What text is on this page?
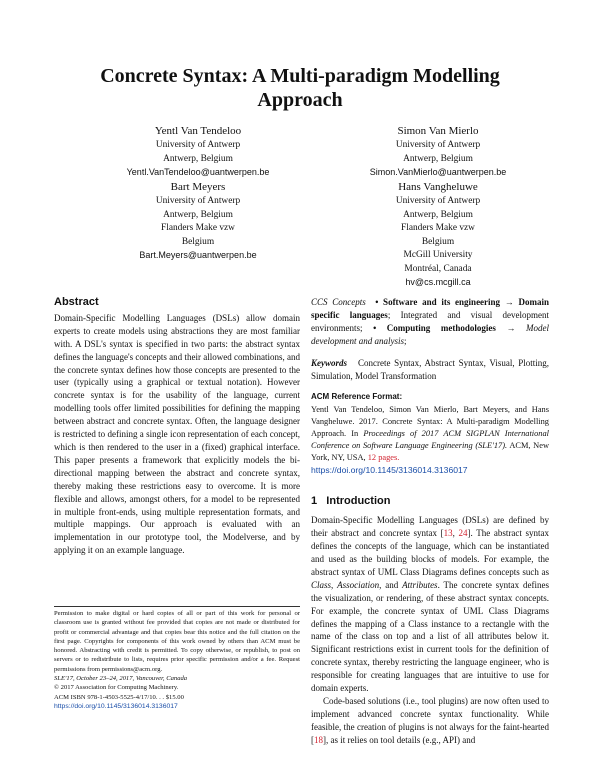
Concrete Syntax: A Multi-paradigm Modelling
Approach
Yentl Van Tendeloo
University of Antwerp
Antwerp, Belgium
Yentl.VanTendeloo@uantwerpen.be
Simon Van Mierlo
University of Antwerp
Antwerp, Belgium
Simon.VanMierlo@uantwerpen.be
Bart Meyers
University of Antwerp
Antwerp, Belgium
Flanders Make vzw
Belgium
Bart.Meyers@uantwerpen.be
Hans Vangheluwe
University of Antwerp
Antwerp, Belgium
Flanders Make vzw
Belgium
McGill University
Montréal, Canada
hv@cs.mcgill.ca
Abstract

Domain-Specific Modelling Languages (DSLs) allow domain experts to create models using abstractions they are most familiar with. A DSL's syntax is specified in two parts: the abstract syntax defines the language's concepts and their allowed combinations, and the concrete syntax defines how those concepts are presented to the user (typically using a graphical or textual notation). However concrete syntax is for the usability of the language, current modelling tools offer limited possibilities for defining the mapping between abstract and concrete syntax. Often, the language designer is restricted to defining a single icon representation of each concept, which is then rendered to the user in a (fixed) graphical interface. This paper presents a framework that explicitly models the bi-directional mapping between the abstract and concrete syntax, thereby making these restrictions easy to overcome. It is more flexible and allows, amongst others, for a model to be represented in multiple front-ends, using multiple representation formats, and multiple mappings. Our approach is evaluated with an implementation in our prototype tool, the Modelverse, and by applying it on an example language.

Permission to make digital or hard copies of all or part of this work for personal or classroom use is granted without fee provided that copies are not made or distributed for profit or commercial advantage and that copies bear this notice and the full citation on the first page. Copyrights for components of this work owned by others than ACM must be honored. Abstracting with credit is permitted. To copy otherwise, or republish, to post on servers or to redistribute to lists, requires prior specific permission and/or a fee. Request permissions from permissions@acm.org.

SLE'17, October 23–24, 2017, Vancouver, Canada

© 2017 Association for Computing Machinery.

ACM ISBN 978-1-4503-5525-4/17/10. . . $15.00

https://doi.org/10.1145/3136014.3136017

CCS Concepts • Software and its engineering → Domain specific languages; Integrated and visual development environments; • Computing methodologies → Model development and analysis;

Keywords Concrete Syntax, Abstract Syntax, Visual, Plotting, Simulation, Model Transformation

ACM Reference Format:

Yentl Van Tendeloo, Simon Van Mierlo, Bart Meyers, and Hans Vangheluwe. 2017. Concrete Syntax: A Multi-paradigm Modelling Approach. In Proceedings of 2017 ACM SIGPLAN International Conference on Software Language Engineering (SLE'17). ACM, New York, NY, USA, 12 pages.
https://doi.org/10.1145/3136014.3136017

1 Introduction

Domain-Specific Modelling Languages (DSLs) are defined by their abstract and concrete syntax [13, 24]. The abstract syntax defines the concepts of the language, which can be instantiated and used as the building blocks of models. For example, the abstract syntax of UML Class Diagrams defines concepts such as Class, Association, and Attributes. The concrete syntax defines the visualization, or rendering, of these abstract syntax concepts. For example, the concrete syntax of UML Class Diagrams defines the mapping of a Class instance to a rectangle with the name of the class on top and a list of all attributes below it. Significant restrictions exist in current tools for the definition of concrete syntax, thereby restricting the language engineer, who is responsible for creating languages that are intuitive to use for domain experts.

Code-based solutions (i.e., tool plugins) are now often used to implement advanced concrete syntax functionality. While feasible, the creation of plugins is not always for the faint-hearted [18], as it relies on tool details (e.g., API) and
